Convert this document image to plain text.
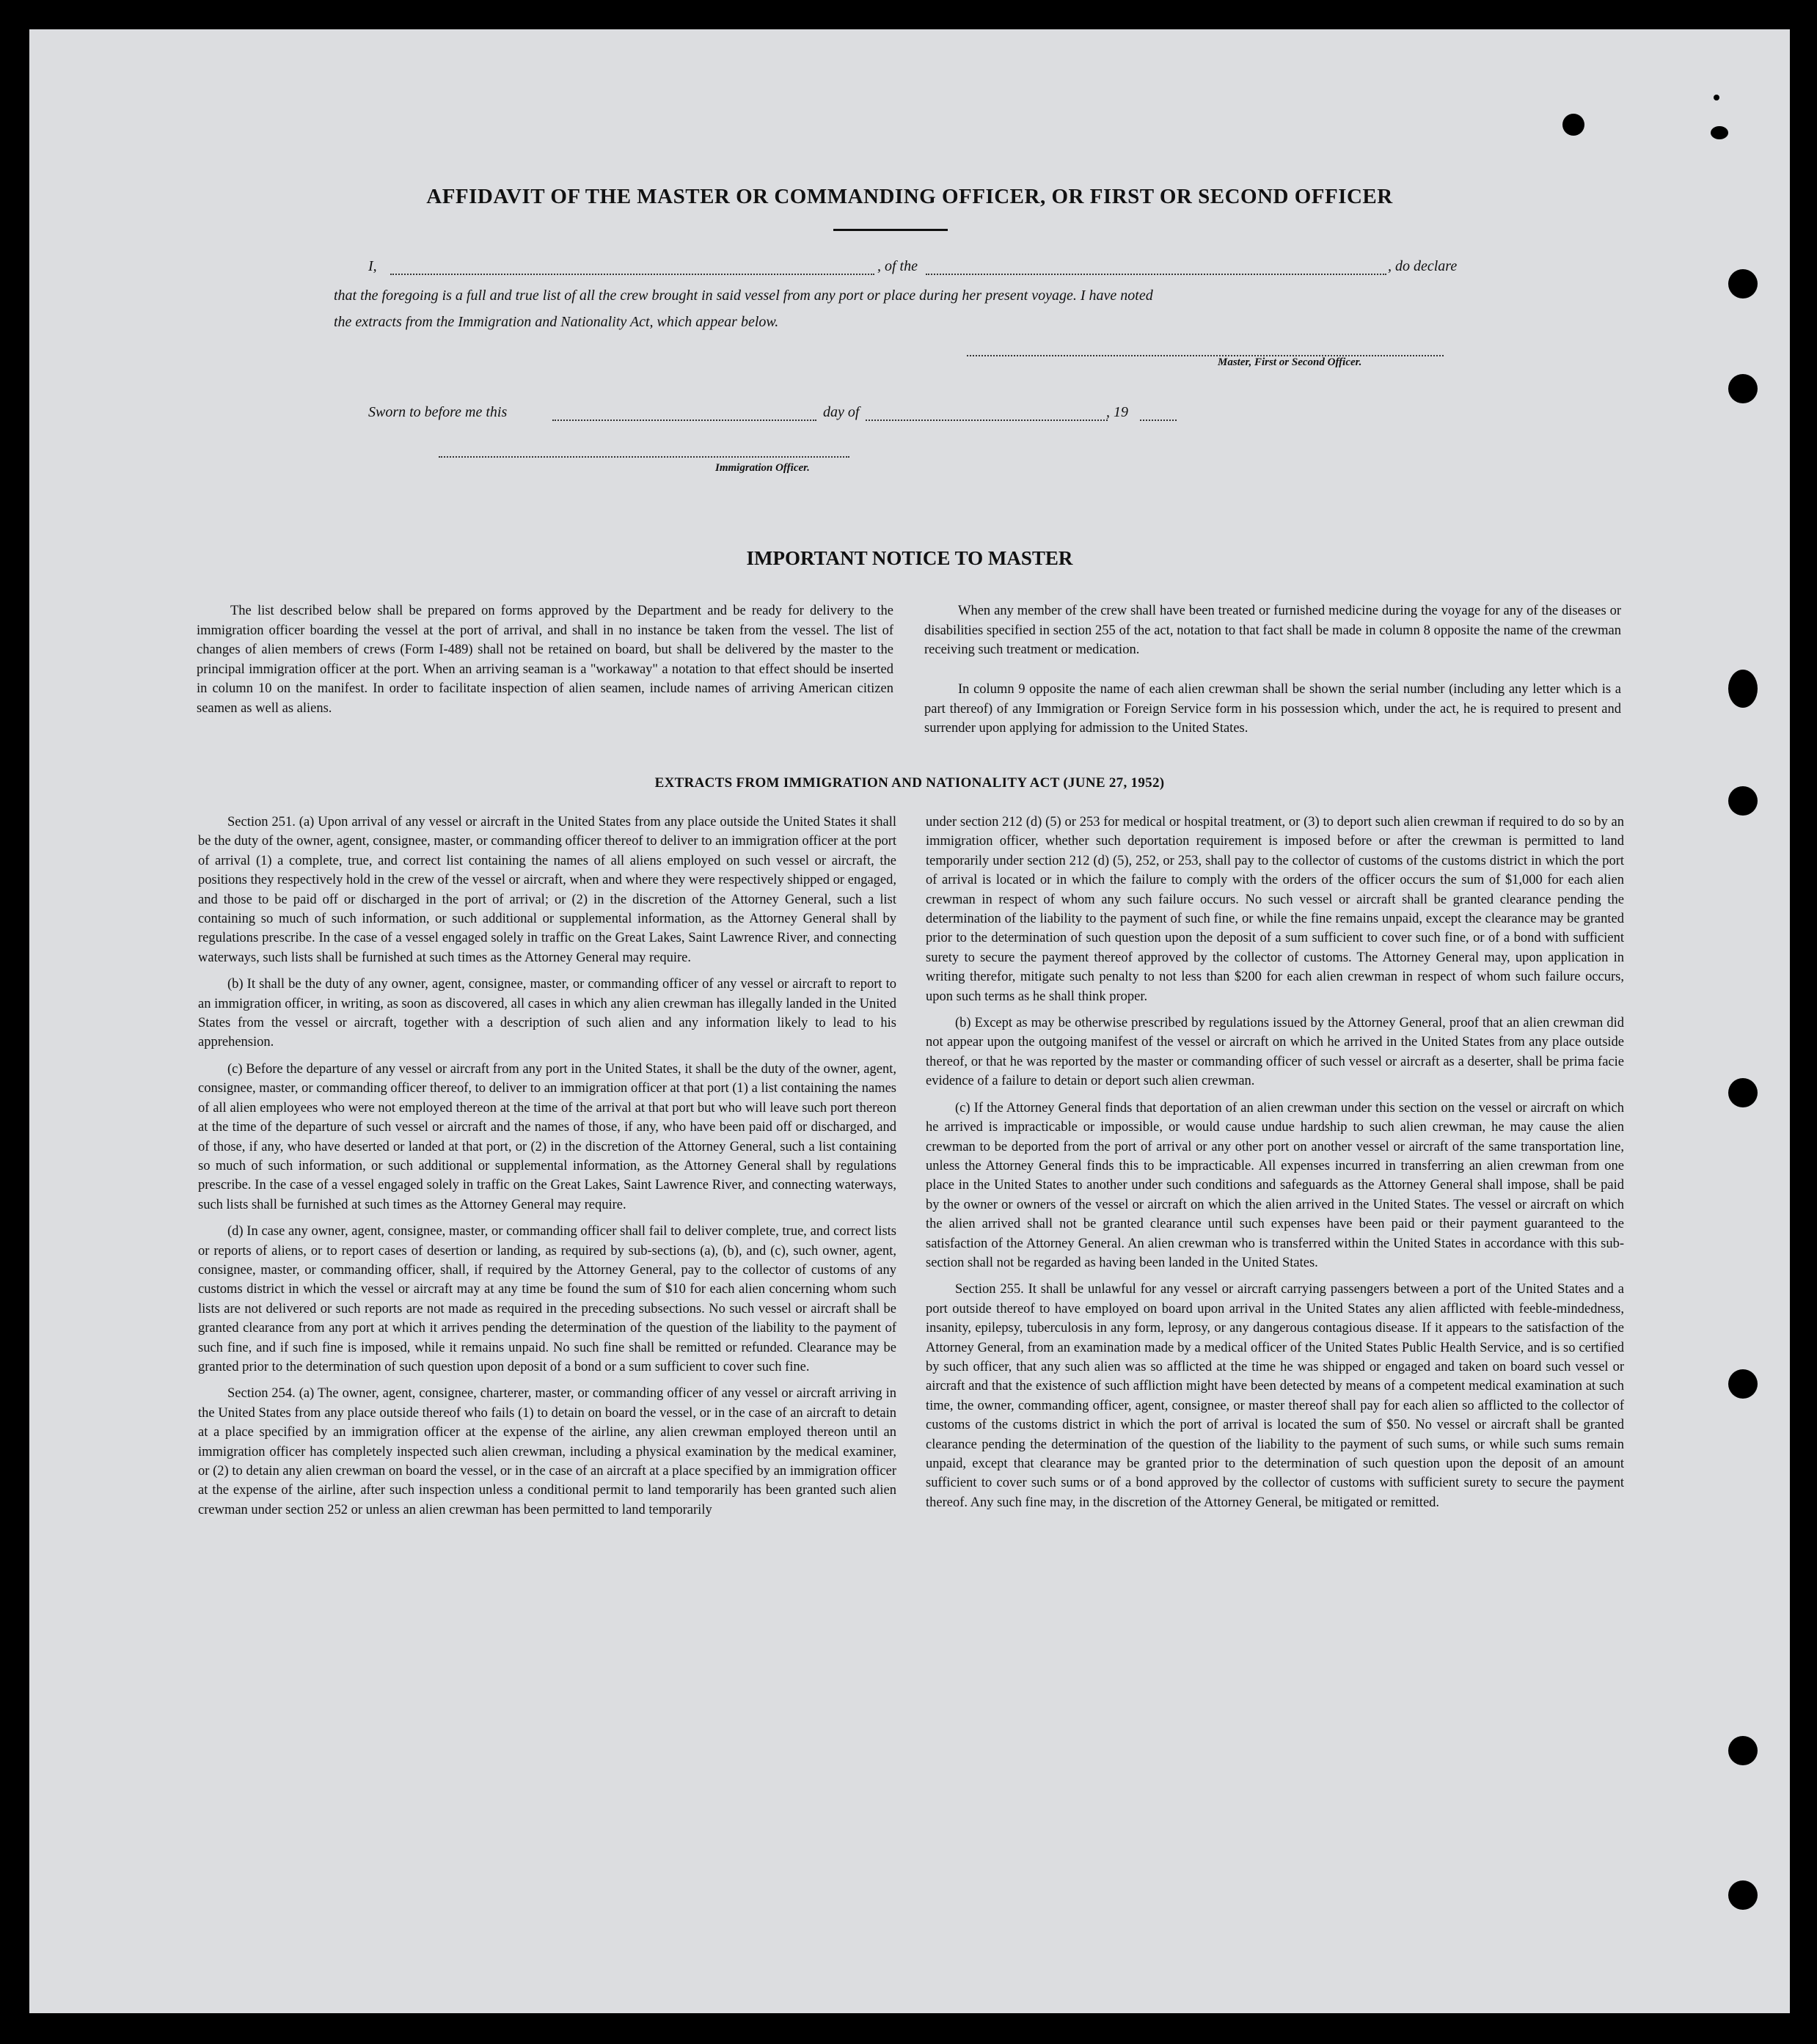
AFFIDAVIT OF THE MASTER OR COMMANDING OFFICER, OR FIRST OR SECOND OFFICER
I,	, of the	, do declare
that the foregoing is a full and true list of all the crew brought in said vessel from any port or place during her present voyage. I have noted
the extracts from the Immigration and Nationality Act, which appear below.
Master, First or Second Officer.
Sworn to before me this	day of	, 19
Immigration Officer.
IMPORTANT NOTICE TO MASTER
The list described below shall be prepared on forms approved by the Department and be ready for delivery to the immigration officer boarding the vessel at the port of arrival, and shall in no instance be taken from the vessel. The list of changes of alien members of crews (Form I-489) shall not be retained on board, but shall be delivered by the master to the principal immigration officer at the port. When an arriving seaman is a "workaway" a notation to that effect should be inserted in column 10 on the manifest. In order to facilitate inspection of alien seamen, include names of arriving American citizen seamen as well as aliens.
When any member of the crew shall have been treated or furnished medicine during the voyage for any of the diseases or disabilities specified in section 255 of the act, notation to that fact shall be made in column 8 opposite the name of the crewman receiving such treatment or medication.
In column 9 opposite the name of each alien crewman shall be shown the serial number (including any letter which is a part thereof) of any Immigration or Foreign Service form in his possession which, under the act, he is required to present and surrender upon applying for admission to the United States.
EXTRACTS FROM IMMIGRATION AND NATIONALITY ACT (JUNE 27, 1952)

Section 251. (a) Upon arrival of any vessel or aircraft in the United States from any place outside the United States it shall be the duty of the owner, agent, consignee, master, or commanding officer thereof to deliver to an immigration officer at the port of arrival (1) a complete, true, and correct list containing the names of all aliens employed on such vessel or aircraft, the positions they respectively hold in the crew of the vessel or aircraft, when and where they were respectively shipped or engaged, and those to be paid off or discharged in the port of arrival; or (2) in the discretion of the Attorney General, such a list containing so much of such information, or such additional or supplemental information, as the Attorney General shall by regulations prescribe. In the case of a vessel engaged solely in traffic on the Great Lakes, Saint Lawrence River, and connecting waterways, such lists shall be furnished at such times as the Attorney General may require.

(b) It shall be the duty of any owner, agent, consignee, master, or commanding officer of any vessel or aircraft to report to an immigration officer, in writing, as soon as discovered, all cases in which any alien crewman has illegally landed in the United States from the vessel or aircraft, together with a description of such alien and any information likely to lead to his apprehension.

(c) Before the departure of any vessel or aircraft from any port in the United States, it shall be the duty of the owner, agent, consignee, master, or commanding officer thereof, to deliver to an immigration officer at that port (1) a list containing the names of all alien employees who were not employed thereon at the time of the arrival at that port but who will leave such port thereon at the time of the departure of such vessel or aircraft and the names of those, if any, who have been paid off or discharged, and of those, if any, who have deserted or landed at that port, or (2) in the discretion of the Attorney General, such a list containing so much of such information, or such additional or supplemental information, as the Attorney General shall by regulations prescribe. In the case of a vessel engaged solely in traffic on the Great Lakes, Saint Lawrence River, and connecting waterways, such lists shall be furnished at such times as the Attorney General may require.

(d) In case any owner, agent, consignee, master, or commanding officer shall fail to deliver complete, true, and correct lists or reports of aliens, or to report cases of desertion or landing, as required by sub-sections (a), (b), and (c), such owner, agent, consignee, master, or commanding officer, shall, if required by the Attorney General, pay to the collector of customs of any customs district in which the vessel or aircraft may at any time be found the sum of $10 for each alien concerning whom such lists are not delivered or such reports are not made as required in the preceding subsections. No such vessel or aircraft shall be granted clearance from any port at which it arrives pending the determination of the question of the liability to the payment of such fine, and if such fine is imposed, while it remains unpaid. No such fine shall be remitted or refunded. Clearance may be granted prior to the determination of such question upon deposit of a bond or a sum sufficient to cover such fine.

Section 254. (a) The owner, agent, consignee, charterer, master, or commanding officer of any vessel or aircraft arriving in the United States from any place outside thereof who fails (1) to detain on board the vessel, or in the case of an aircraft to detain at a place specified by an immigration officer at the expense of the airline, any alien crewman employed thereon until an immigration officer has completely inspected such alien crewman, including a physical examination by the medical examiner, or (2) to detain any alien crewman on board the vessel, or in the case of an aircraft at a place specified by an immigration officer at the expense of the airline, after such inspection unless a conditional permit to land temporarily has been granted such alien crewman under section 252 or unless an alien crewman has been permitted to land temporarily

under section 212 (d) (5) or 253 for medical or hospital treatment, or (3) to deport such alien crewman if required to do so by an immigration officer, whether such deportation requirement is imposed before or after the crewman is permitted to land temporarily under section 212 (d) (5), 252, or 253, shall pay to the collector of customs of the customs district in which the port of arrival is located or in which the failure to comply with the orders of the officer occurs the sum of $1,000 for each alien crewman in respect of whom any such failure occurs. No such vessel or aircraft shall be granted clearance pending the determination of the liability to the payment of such fine, or while the fine remains unpaid, except the clearance may be granted prior to the determination of such question upon the deposit of a sum sufficient to cover such fine, or of a bond with sufficient surety to secure the payment thereof approved by the collector of customs. The Attorney General may, upon application in writing therefor, mitigate such penalty to not less than $200 for each alien crewman in respect of whom such failure occurs, upon such terms as he shall think proper.

(b) Except as may be otherwise prescribed by regulations issued by the Attorney General, proof that an alien crewman did not appear upon the outgoing manifest of the vessel or aircraft on which he arrived in the United States from any place outside thereof, or that he was reported by the master or commanding officer of such vessel or aircraft as a deserter, shall be prima facie evidence of a failure to detain or deport such alien crewman.

(c) If the Attorney General finds that deportation of an alien crewman under this section on the vessel or aircraft on which he arrived is impracticable or impossible, or would cause undue hardship to such alien crewman, he may cause the alien crewman to be deported from the port of arrival or any other port on another vessel or aircraft of the same transportation line, unless the Attorney General finds this to be impracticable. All expenses incurred in transferring an alien crewman from one place in the United States to another under such conditions and safeguards as the Attorney General shall impose, shall be paid by the owner or owners of the vessel or aircraft on which the alien arrived in the United States. The vessel or aircraft on which the alien arrived shall not be granted clearance until such expenses have been paid or their payment guaranteed to the satisfaction of the Attorney General. An alien crewman who is transferred within the United States in accordance with this sub-section shall not be regarded as having been landed in the United States.

Section 255. It shall be unlawful for any vessel or aircraft carrying passengers between a port of the United States and a port outside thereof to have employed on board upon arrival in the United States any alien afflicted with feeble-mindedness, insanity, epilepsy, tuberculosis in any form, leprosy, or any dangerous contagious disease. If it appears to the satisfaction of the Attorney General, from an examination made by a medical officer of the United States Public Health Service, and is so certified by such officer, that any such alien was so afflicted at the time he was shipped or engaged and taken on board such vessel or aircraft and that the existence of such affliction might have been detected by means of a competent medical examination at such time, the owner, commanding officer, agent, consignee, or master thereof shall pay for each alien so afflicted to the collector of customs of the customs district in which the port of arrival is located the sum of $50. No vessel or aircraft shall be granted clearance pending the determination of the question of the liability to the payment of such sums, or while such sums remain unpaid, except that clearance may be granted prior to the determination of such question upon the deposit of an amount sufficient to cover such sums or of a bond approved by the collector of customs with sufficient surety to secure the payment thereof. Any such fine may, in the discretion of the Attorney General, be mitigated or remitted.
